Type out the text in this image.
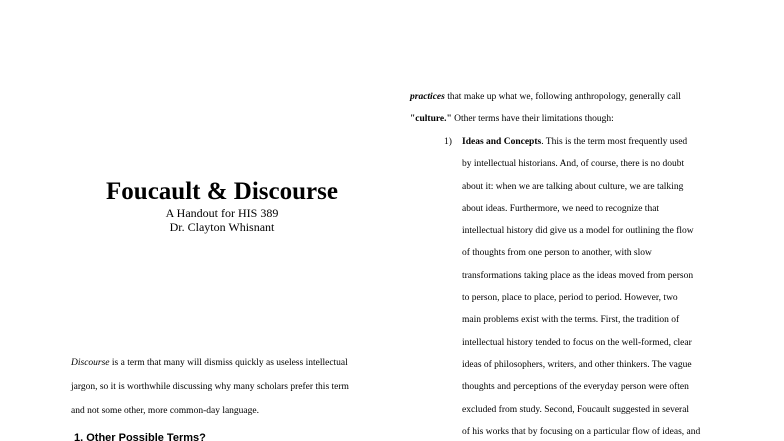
Foucault & Discourse
A Handout for HIS 389
Dr. Clayton Whisnant
Discourse is a term that many will dismiss quickly as useless intellectual
jargon, so it is worthwhile discussing why many scholars prefer this term
and not some other, more common-day language.
1. Other Possible Terms?
practices that make up what we, following anthropology, generally call
"culture." Other terms have their limitations though:
1) Ideas and Concepts. This is the term most frequently used
by intellectual historians. And, of course, there is no doubt
about it: when we are talking about culture, we are talking
about ideas. Furthermore, we need to recognize that
intellectual history did give us a model for outlining the flow
of thoughts from one person to another, with slow
transformations taking place as the ideas moved from person
to person, place to place, period to period. However, two
main problems exist with the terms. First, the tradition of
intellectual history tended to focus on the well-formed, clear
ideas of philosophers, writers, and other thinkers. The vague
thoughts and perceptions of the everyday person were often
excluded from study. Second, Foucault suggested in several
of his works that by focusing on a particular flow of ideas, and
